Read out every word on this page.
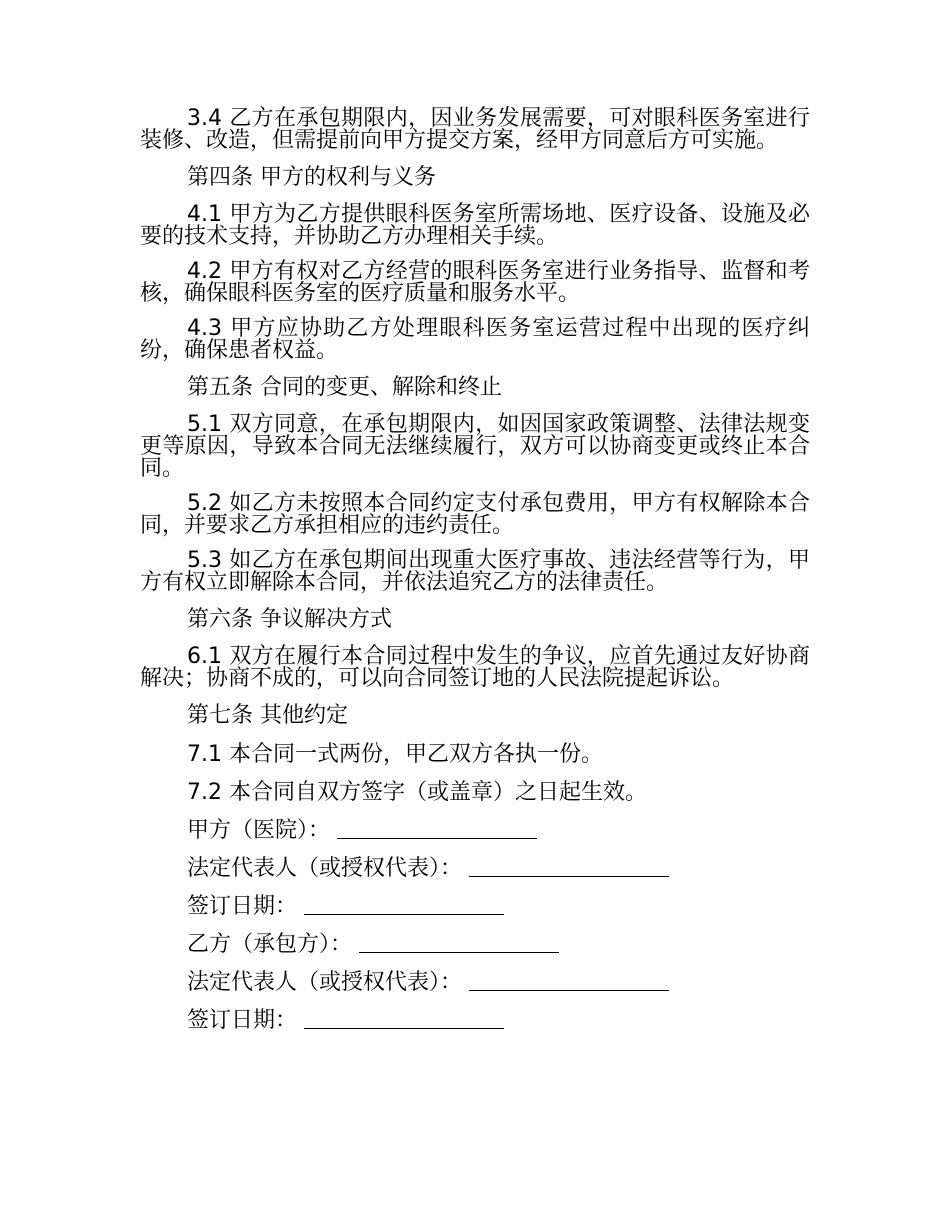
3.4 乙方在承包期限内，因业务发展需要，可对眼科医务室进行装修、改造，但需提前向甲方提交方案，经甲方同意后方可实施。

第四条 甲方的权利与义务

4.1 甲方为乙方提供眼科医务室所需场地、医疗设备、设施及必要的技术支持，并协助乙方办理相关手续。

4.2 甲方有权对乙方经营的眼科医务室进行业务指导、监督和考核，确保眼科医务室的医疗质量和服务水平。

4.3 甲方应协助乙方处理眼科医务室运营过程中出现的医疗纠纷，确保患者权益。

第五条 合同的变更、解除和终止

5.1 双方同意，在承包期限内，如因国家政策调整、法律法规变更等原因，导致本合同无法继续履行，双方可以协商变更或终止本合同。

5.2 如乙方未按照本合同约定支付承包费用，甲方有权解除本合同，并要求乙方承担相应的违约责任。

5.3 如乙方在承包期间出现重大医疗事故、违法经营等行为，甲方有权立即解除本合同，并依法追究乙方的法律责任。

第六条 争议解决方式

6.1 双方在履行本合同过程中发生的争议，应首先通过友好协商解决；协商不成的，可以向合同签订地的人民法院提起诉讼。

第七条 其他约定

7.1 本合同一式两份，甲乙双方各执一份。

7.2 本合同自双方签字（或盖章）之日起生效。

甲方（医院）：
法定代表人（或授权代表）：
签订日期：
乙方（承包方）：
法定代表人（或授权代表）：
签订日期：
